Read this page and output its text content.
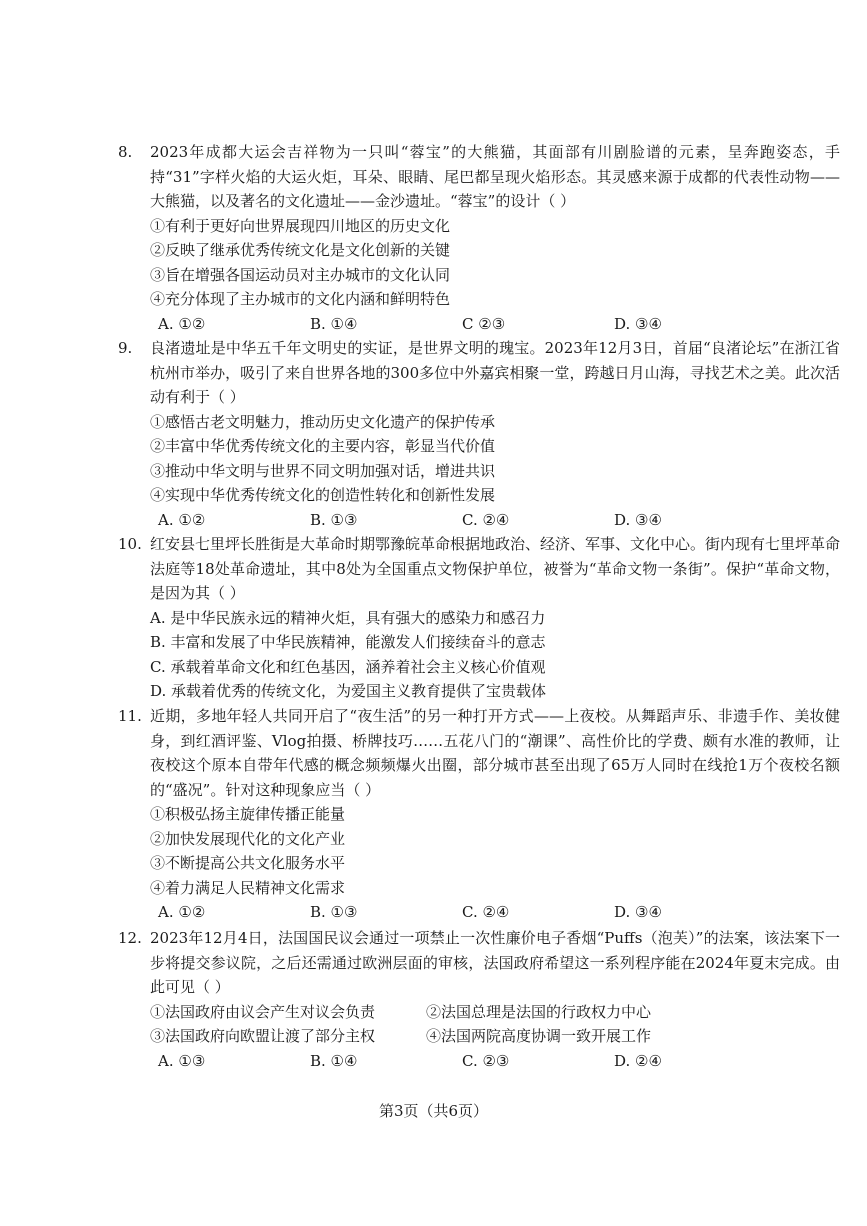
8. 2023年成都大运会吉祥物为一只叫“蓉宝”的大熊猫，其面部有川剧脸谱的元素，呈奔跑姿态，手持“31”字样火焰的大运火炬，耳朵、眼睛、尾巴都呈现火焰形态。其灵感来源于成都的代表性动物——大熊猫，以及著名的文化遗址——金沙遗址。“蓉宝”的设计（ ）
①有利于更好向世界展现四川地区的历史文化
②反映了继承优秀传统文化是文化创新的关键
③旨在增强各国运动员对主办城市的文化认同
④充分体现了主办城市的文化内涵和鲜明特色
A. ①②	B. ①④	C ②③	D. ③④
9. 良渚遗址是中华五千年文明史的实证，是世界文明的瑰宝。2023年12月3日，首届“良渚论坛”在浙江省杭州市举办，吸引了来自世界各地的300多位中外嘉宾相聚一堂，跨越日月山海，寻找艺术之美。此次活动有利于（ ）
①感悟古老文明魅力，推动历史文化遗产的保护传承
②丰富中华优秀传统文化的主要内容，彰显当代价值
③推动中华文明与世界不同文明加强对话，增进共识
④实现中华优秀传统文化的创造性转化和创新性发展
A. ①②	B. ①③	C. ②④	D. ③④
10. 红安县七里坪长胜街是大革命时期鄂豫皖革命根据地政治、经济、军事、文化中心。街内现有七里坪革命法庭等18处革命遗址，其中8处为全国重点文物保护单位，被誉为“革命文物一条街”。保护“革命文物，是因为其（ ）
A. 是中华民族永远的精神火炬，具有强大的感染力和感召力
B. 丰富和发展了中华民族精神，能激发人们接续奋斗的意志
C. 承载着革命文化和红色基因，涵养着社会主义核心价值观
D. 承载着优秀的传统文化，为爱国主义教育提供了宝贵载体
11. 近期，多地年轻人共同开启了“夜生活”的另一种打开方式——上夜校。从舞蹈声乐、非遗手作、美妆健身，到红酒评鉴、Vlog拍摄、桥牌技巧……五花八门的“潮课”、高性价比的学费、颇有水准的教师，让夜校这个原本自带年代感的概念频频爆火出圈，部分城市甚至出现了65万人同时在线抢1万个夜校名额的“盛况”。针对这种现象应当（ ）
①积极弘扬主旋律传播正能量
②加快发展现代化的文化产业
③不断提高公共文化服务水平
④着力满足人民精神文化需求
A. ①②	B. ①③	C. ②④	D. ③④
12. 2023年12月4日，法国国民议会通过一项禁止一次性廉价电子香烟“Puffs（泡芙）”的法案，该法案下一步将提交参议院，之后还需通过欧洲层面的审核，法国政府希望这一系列程序能在2024年夏末完成。由此可见（ ）
①法国政府由议会产生对议会负责	②法国总理是法国的行政权力中心
③法国政府向欧盟让渡了部分主权	④法国两院高度协调一致开展工作
A. ①③	B. ①④	C. ②③	D. ②④
第3页（共6页）
